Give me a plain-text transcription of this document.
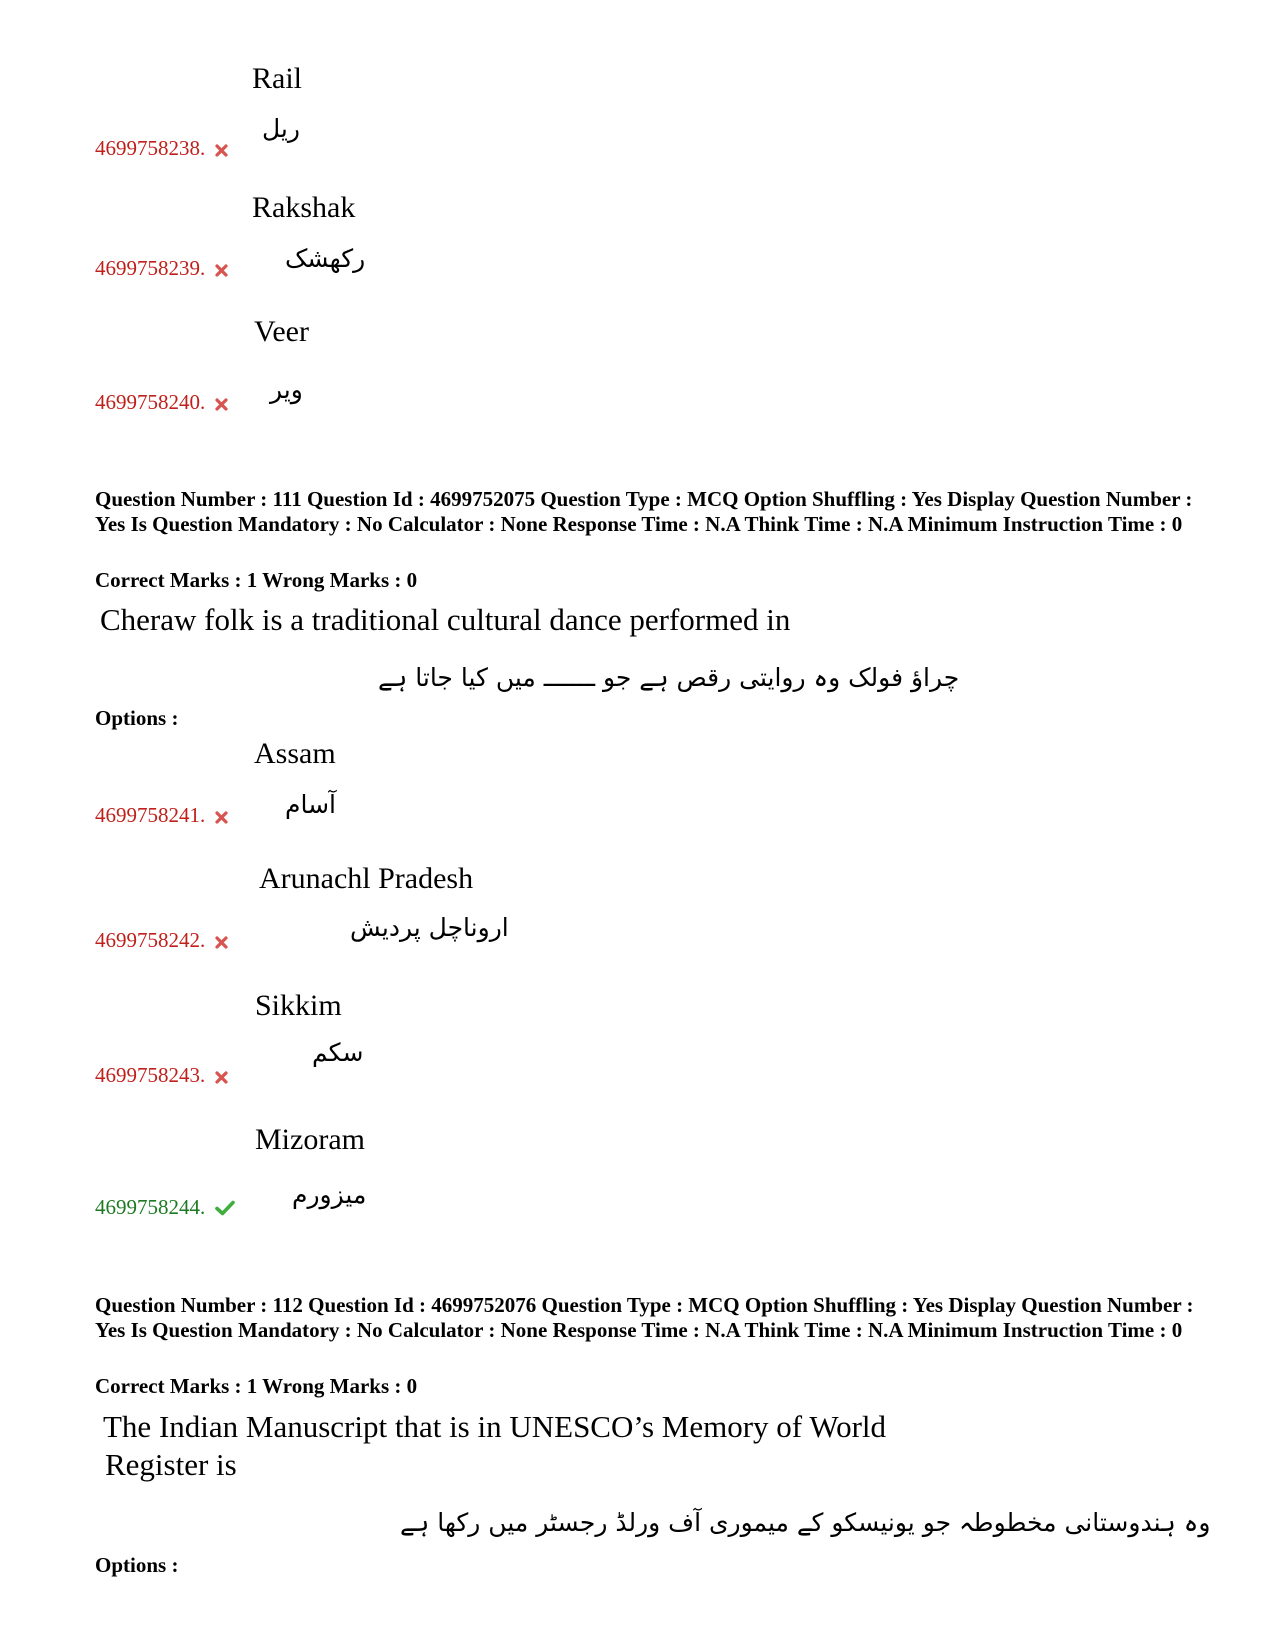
Rail
ریل
4699758238.
Rakshak
رکھشک
4699758239.
Veer
ویر
4699758240.
Question Number : 111 Question Id : 4699752075 Question Type : MCQ Option Shuffling : Yes Display Question Number : Yes Is Question Mandatory : No Calculator : None Response Time : N.A Think Time : N.A Minimum Instruction Time : 0
Correct Marks : 1 Wrong Marks : 0
Cheraw folk is a traditional cultural dance performed in
چراؤ فولک وہ روایتی رقص ہے جو ـــــــ میں کیا جاتا ہے
Options :
Assam
آسام
4699758241.
Arunachl Pradesh
اروناچل پردیش
4699758242.
Sikkim
سکم
4699758243.
Mizoram
میزورم
4699758244.
Question Number : 112 Question Id : 4699752076 Question Type : MCQ Option Shuffling : Yes Display Question Number : Yes Is Question Mandatory : No Calculator : None Response Time : N.A Think Time : N.A Minimum Instruction Time : 0
Correct Marks : 1 Wrong Marks : 0
The Indian Manuscript that is in UNESCO’s Memory of World
Register is
وہ ہندوستانی مخطوطہ جو یونیسکو کے میموری آف ورلڈ رجسٹر میں رکھا ہے
Options :
